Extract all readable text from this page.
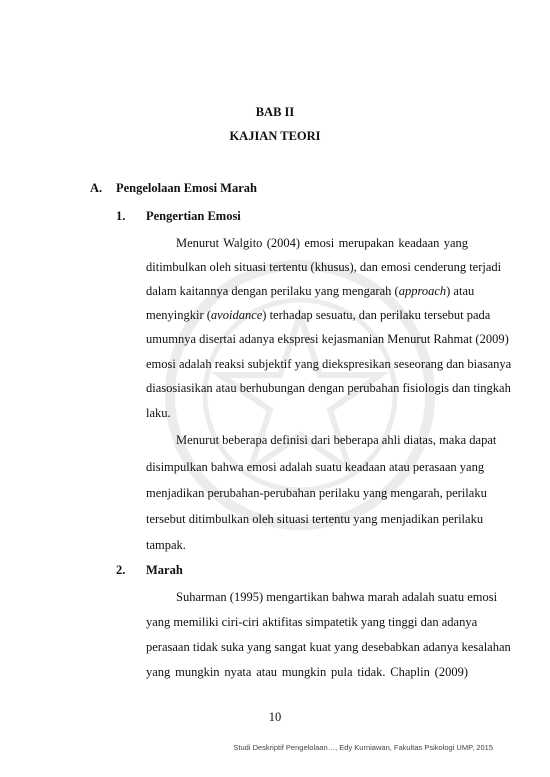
BAB II
KAJIAN TEORI
A. Pengelolaan Emosi Marah
1. Pengertian Emosi
Menurut Walgito (2004) emosi merupakan keadaan yang
ditimbulkan oleh situasi tertentu (khusus), dan emosi cenderung terjadi
dalam kaitannya dengan perilaku yang mengarah (approach) atau
menyingkir (avoidance) terhadap sesuatu, dan perilaku tersebut pada
umumnya disertai adanya ekspresi kejasmanian Menurut Rahmat (2009)
emosi adalah reaksi subjektif yang diekspresikan seseorang dan biasanya
diasosiasikan atau berhubungan dengan perubahan fisiologis dan tingkah
laku.
Menurut beberapa definisi dari beberapa ahli diatas, maka dapat
disimpulkan bahwa emosi adalah suatu keadaan atau perasaan yang
menjadikan perubahan-perubahan perilaku yang mengarah, perilaku
tersebut ditimbulkan oleh situasi tertentu yang menjadikan perilaku
tampak.
2. Marah
Suharman (1995) mengartikan bahwa marah adalah suatu emosi
yang memiliki ciri-ciri aktifitas simpatetik yang tinggi dan adanya
perasaan tidak suka yang sangat kuat yang desebabkan adanya kesalahan
yang mungkin nyata atau mungkin pula tidak. Chaplin (2009)
10
Studi Deskriptif Pengelolaan…, Edy Kurniawan, Fakultas Psikologi UMP, 2015
